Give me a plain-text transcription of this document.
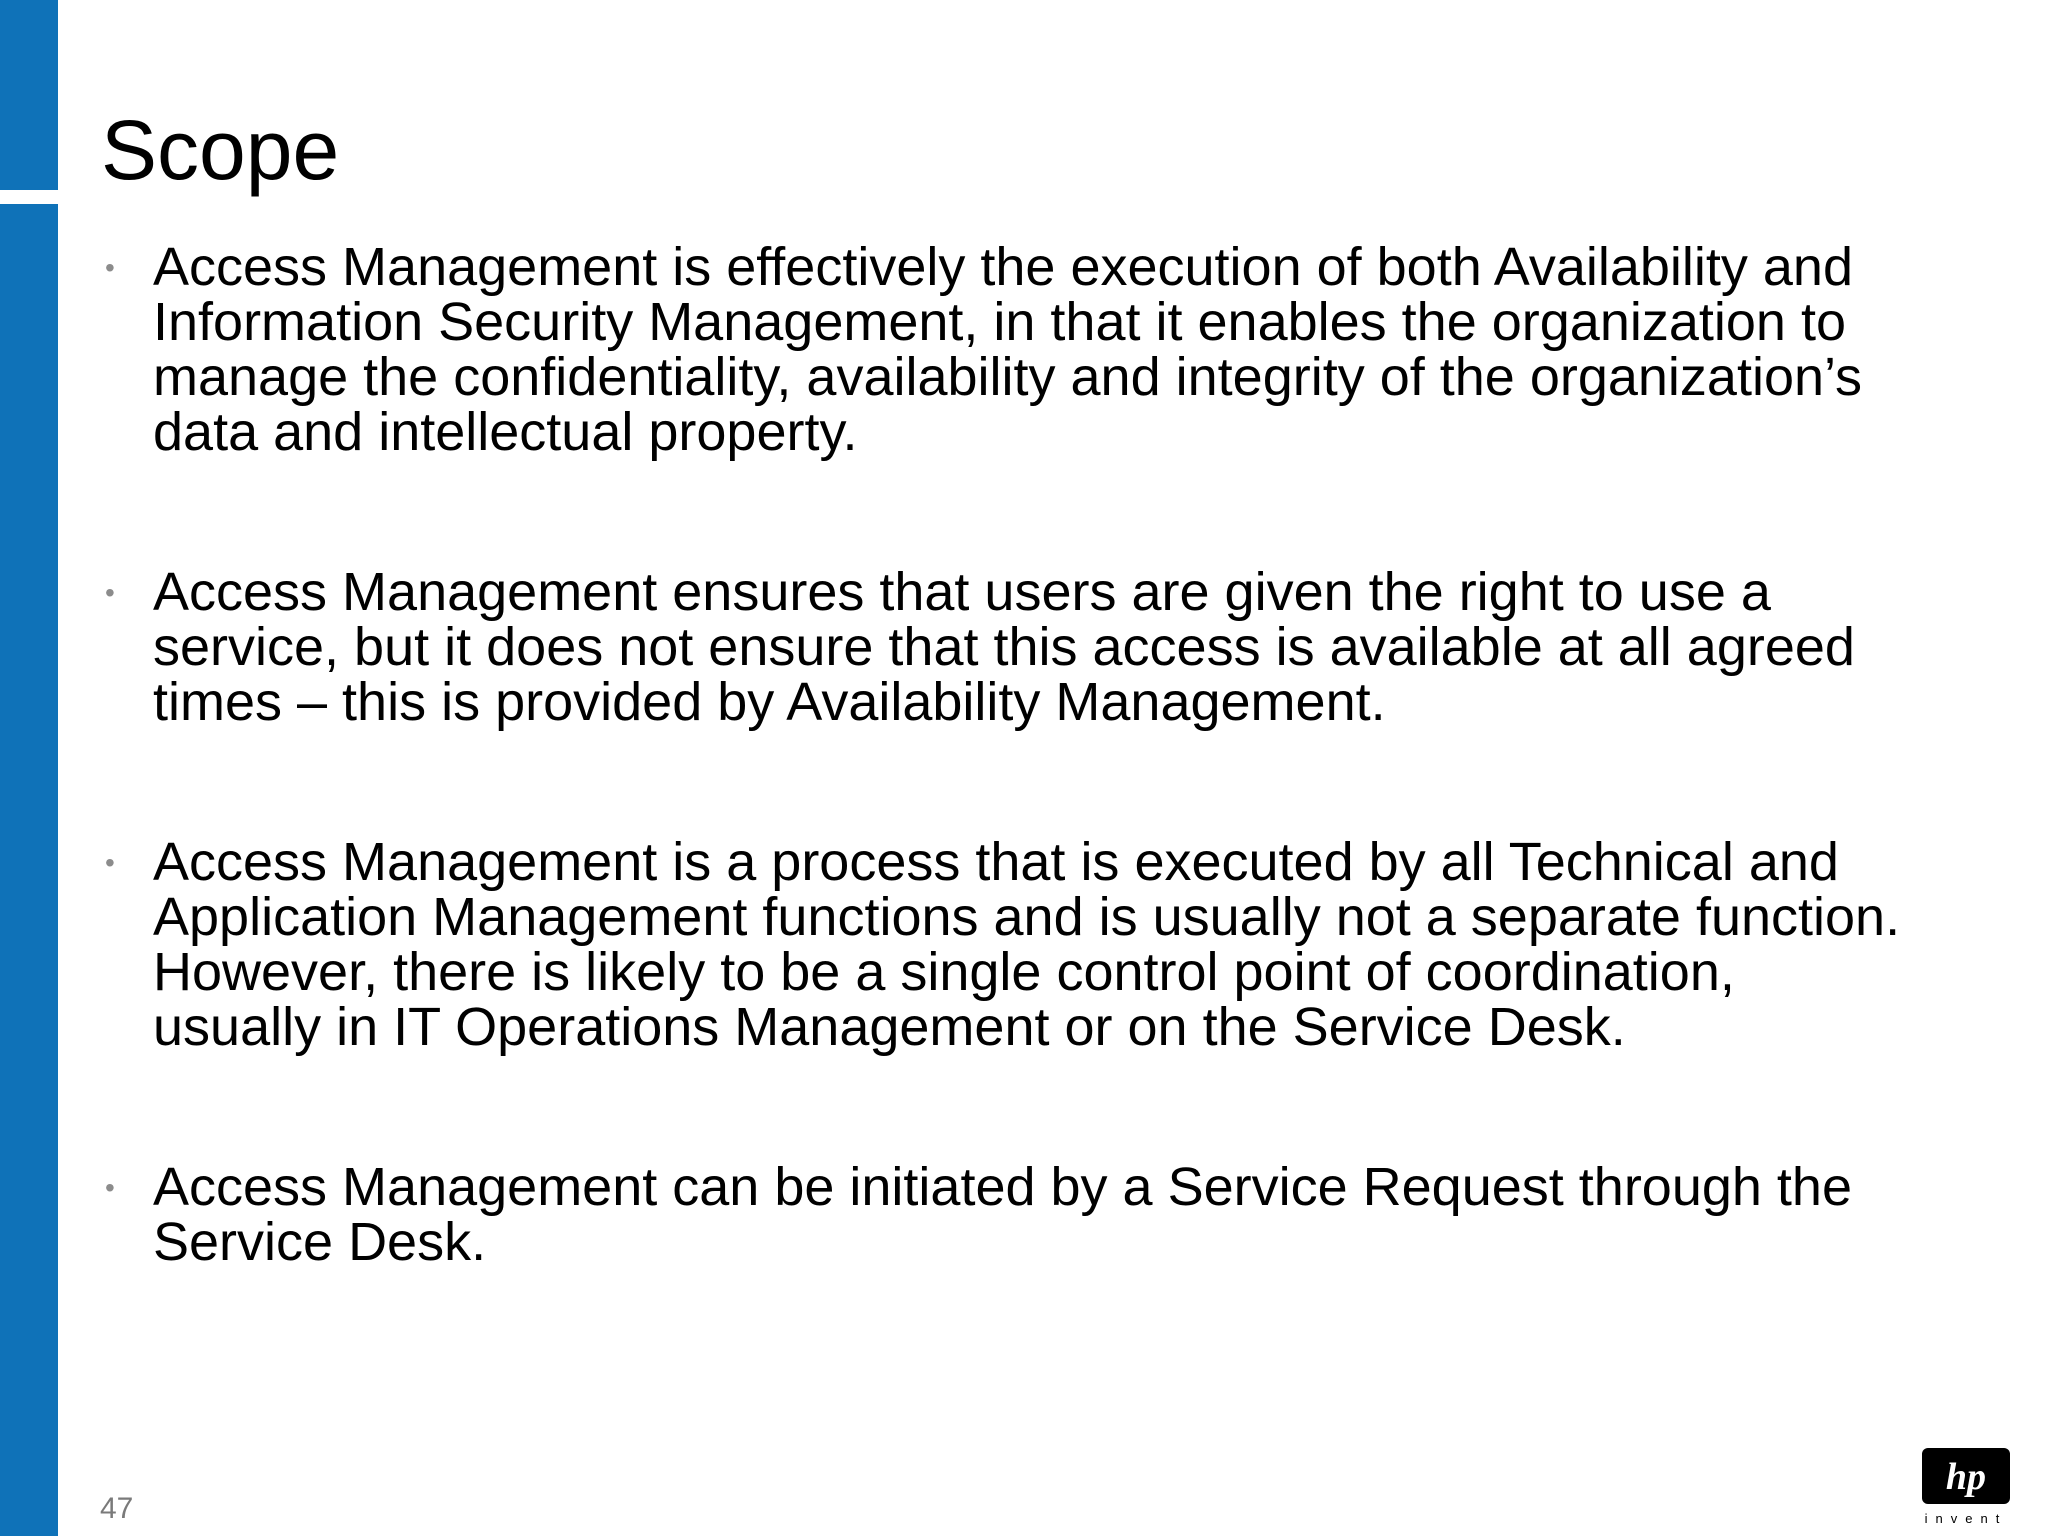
Scope
• Access Management is effectively the execution of both Availability and
Information Security Management, in that it enables the organization to
manage the confidentiality, availability and integrity of the organization’s
data and intellectual property.
• Access Management ensures that users are given the right to use a
service, but it does not ensure that this access is available at all agreed
times – this is provided by Availability Management.
• Access Management is a process that is executed by all Technical and
Application Management functions and is usually not a separate function.
However, there is likely to be a single control point of coordination,
usually in IT Operations Management or on the Service Desk.
• Access Management can be initiated by a Service Request through the
Service Desk.
47
hp
invent
